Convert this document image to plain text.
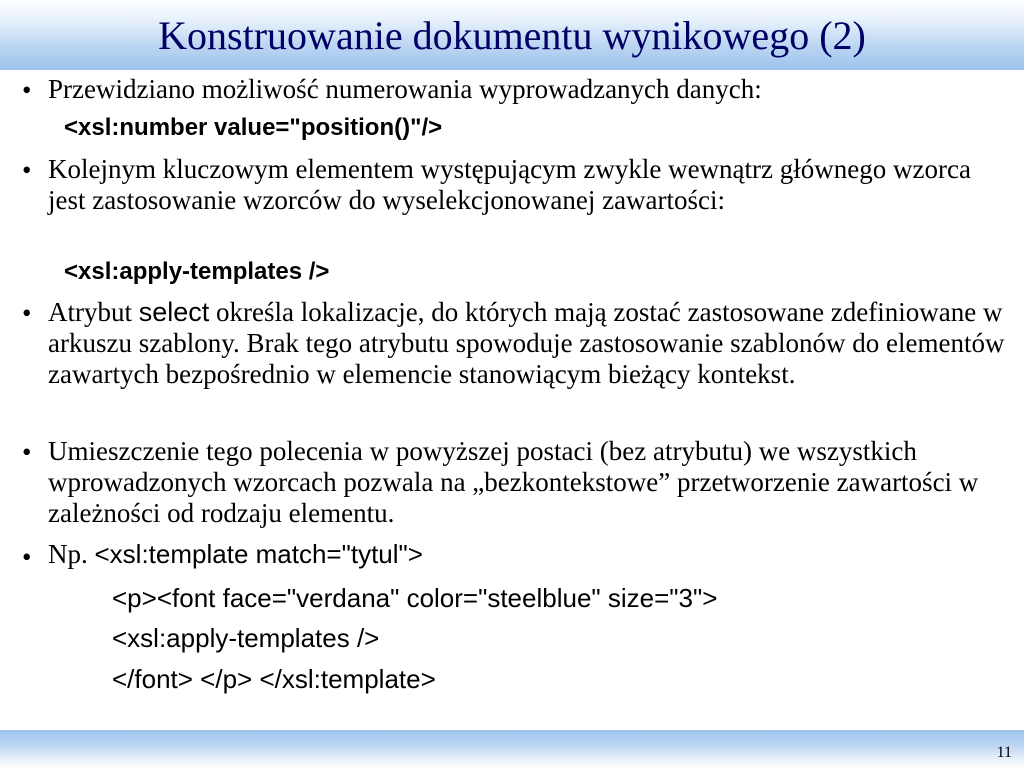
Konstruowanie dokumentu wynikowego (2)
• Przewidziano możliwość numerowania wyprowadzanych danych:
<xsl:number value="position()"/>
• Kolejnym kluczowym elementem występującym zwykle wewnątrz głównego wzorca jest zastosowanie wzorców do wyselekcjonowanej zawartości:
<xsl:apply-templates />
• Atrybut select określa lokalizacje, do których mają zostać zastosowane zdefiniowane w arkuszu szablony. Brak tego atrybutu spowoduje zastosowanie szablonów do elementów zawartych bezpośrednio w elemencie stanowiącym bieżący kontekst.
• Umieszczenie tego polecenia w powyższej postaci (bez atrybutu) we wszystkich wprowadzonych wzorcach pozwala na „bezkontekstowe” przetworzenie zawartości w zależności od rodzaju elementu.
• Np. <xsl:template match="tytul">
<p><font face="verdana" color="steelblue" size="3">
<xsl:apply-templates />
</font> </p> </xsl:template>
11
